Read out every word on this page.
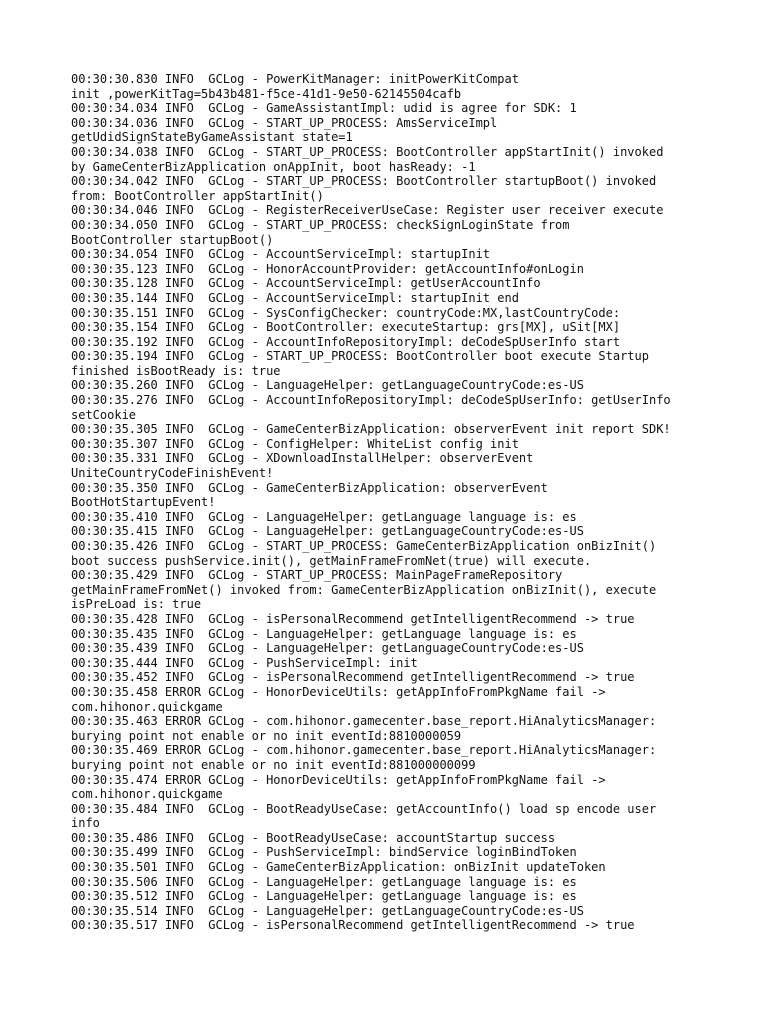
00:30:30.830 INFO  GCLog - PowerKitManager: initPowerKitCompat

init ,powerKitTag=5b43b481-f5ce-41d1-9e50-62145504cafb

00:30:34.034 INFO  GCLog - GameAssistantImpl: udid is agree for SDK: 1

00:30:34.036 INFO  GCLog - START_UP_PROCESS: AmsServiceImpl

getUdidSignStateByGameAssistant state=1

00:30:34.038 INFO  GCLog - START_UP_PROCESS: BootController appStartInit() invoked

by GameCenterBizApplication onAppInit, boot hasReady: -1

00:30:34.042 INFO  GCLog - START_UP_PROCESS: BootController startupBoot() invoked

from: BootController appStartInit()

00:30:34.046 INFO  GCLog - RegisterReceiverUseCase: Register user receiver execute

00:30:34.050 INFO  GCLog - START_UP_PROCESS: checkSignLoginState from

BootController startupBoot()

00:30:34.054 INFO  GCLog - AccountServiceImpl: startupInit

00:30:35.123 INFO  GCLog - HonorAccountProvider: getAccountInfo#onLogin

00:30:35.128 INFO  GCLog - AccountServiceImpl: getUserAccountInfo

00:30:35.144 INFO  GCLog - AccountServiceImpl: startupInit end

00:30:35.151 INFO  GCLog - SysConfigChecker: countryCode:MX,lastCountryCode:

00:30:35.154 INFO  GCLog - BootController: executeStartup: grs[MX], uSit[MX]

00:30:35.192 INFO  GCLog - AccountInfoRepositoryImpl: deCodeSpUserInfo start

00:30:35.194 INFO  GCLog - START_UP_PROCESS: BootController boot execute Startup

finished isBootReady is: true

00:30:35.260 INFO  GCLog - LanguageHelper: getLanguageCountryCode:es-US

00:30:35.276 INFO  GCLog - AccountInfoRepositoryImpl: deCodeSpUserInfo: getUserInfo

setCookie

00:30:35.305 INFO  GCLog - GameCenterBizApplication: observerEvent init report SDK!

00:30:35.307 INFO  GCLog - ConfigHelper: WhiteList config init

00:30:35.331 INFO  GCLog - XDownloadInstallHelper: observerEvent

UniteCountryCodeFinishEvent!

00:30:35.350 INFO  GCLog - GameCenterBizApplication: observerEvent

BootHotStartupEvent!

00:30:35.410 INFO  GCLog - LanguageHelper: getLanguage language is: es

00:30:35.415 INFO  GCLog - LanguageHelper: getLanguageCountryCode:es-US

00:30:35.426 INFO  GCLog - START_UP_PROCESS: GameCenterBizApplication onBizInit()

boot success pushService.init(), getMainFrameFromNet(true) will execute.

00:30:35.429 INFO  GCLog - START_UP_PROCESS: MainPageFrameRepository

getMainFrameFromNet() invoked from: GameCenterBizApplication onBizInit(), execute

isPreLoad is: true

00:30:35.428 INFO  GCLog - isPersonalRecommend getIntelligentRecommend -> true

00:30:35.435 INFO  GCLog - LanguageHelper: getLanguage language is: es

00:30:35.439 INFO  GCLog - LanguageHelper: getLanguageCountryCode:es-US

00:30:35.444 INFO  GCLog - PushServiceImpl: init

00:30:35.452 INFO  GCLog - isPersonalRecommend getIntelligentRecommend -> true

00:30:35.458 ERROR GCLog - HonorDeviceUtils: getAppInfoFromPkgName fail ->

com.hihonor.quickgame

00:30:35.463 ERROR GCLog - com.hihonor.gamecenter.base_report.HiAnalyticsManager:

burying point not enable or no init eventId:8810000059

00:30:35.469 ERROR GCLog - com.hihonor.gamecenter.base_report.HiAnalyticsManager:

burying point not enable or no init eventId:881000000099

00:30:35.474 ERROR GCLog - HonorDeviceUtils: getAppInfoFromPkgName fail ->

com.hihonor.quickgame

00:30:35.484 INFO  GCLog - BootReadyUseCase: getAccountInfo() load sp encode user

info

00:30:35.486 INFO  GCLog - BootReadyUseCase: accountStartup success

00:30:35.499 INFO  GCLog - PushServiceImpl: bindService loginBindToken

00:30:35.501 INFO  GCLog - GameCenterBizApplication: onBizInit updateToken

00:30:35.506 INFO  GCLog - LanguageHelper: getLanguage language is: es

00:30:35.512 INFO  GCLog - LanguageHelper: getLanguage language is: es

00:30:35.514 INFO  GCLog - LanguageHelper: getLanguageCountryCode:es-US

00:30:35.517 INFO  GCLog - isPersonalRecommend getIntelligentRecommend -> true
